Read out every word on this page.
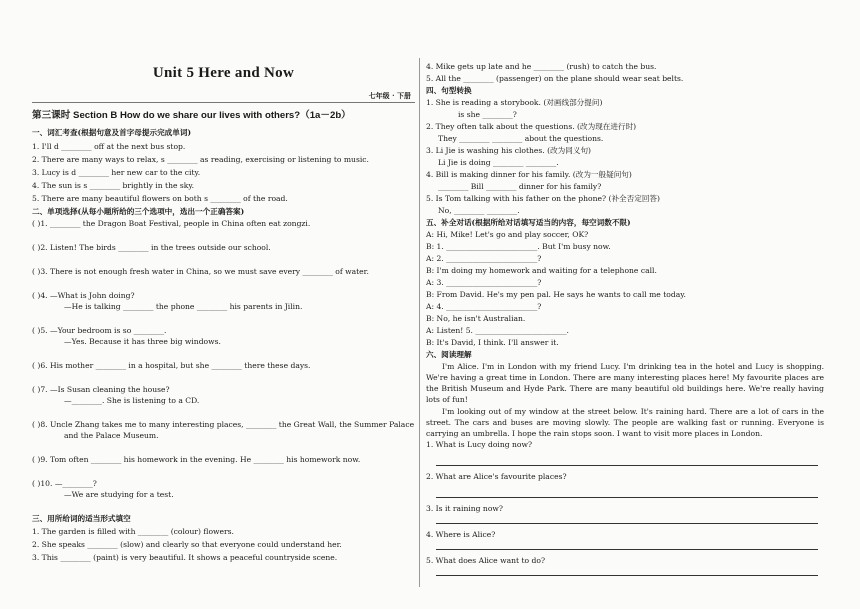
Unit 5 Here and Now
七年级 · 下册
第三课时 Section B How do we share our lives with others?（1a－2b）
一、词汇考查(根据句意及首字母提示完成单词)
1. I'll d ________ off at the next bus stop.
2. There are many ways to relax, s ________ as reading, exercising or listening to music.
3. Lucy is d ________ her new car to the city.
4. The sun is s ________ brightly in the sky.
5. There are many beautiful flowers on both s ________ of the road.
二、单项选择(从每小题所给的三个选项中，选出一个正确答案)
( )1. ________ the Dragon Boat Festival, people in China often eat zongzi.
( )2. Listen! The birds ________ in the trees outside our school.
( )3. There is not enough fresh water in China, so we must save every ________ of water.
( )4. —What is John doing?
—He is talking ________ the phone ________ his parents in Jilin.
( )5. —Your bedroom is so ________.
—Yes. Because it has three big windows.
( )6. His mother ________ in a hospital, but she ________ there these days.
( )7. —Is Susan cleaning the house?
—________. She is listening to a CD.
( )8. Uncle Zhang takes me to many interesting places, ________ the Great Wall, the Summer Palace
and the Palace Museum.
( )9. Tom often ________ his homework in the evening. He ________ his homework now.
( )10. —________?
—We are studying for a test.
三、用所给词的适当形式填空
1. The garden is filled with ________ (colour) flowers.
2. She speaks ________ (slow) and clearly so that everyone could understand her.
3. This ________ (paint) is very beautiful. It shows a peaceful countryside scene.
4. Mike gets up late and he ________ (rush) to catch the bus.
5. All the ________ (passenger) on the plane should wear seat belts.
四、句型转换
1. She is reading a storybook. (对画线部分提问)
is she ________?
2. They often talk about the questions. (改为现在进行时)
They ________ ________ about the questions.
3. Li Jie is washing his clothes. (改为同义句)
Li Jie is doing ________ ________.
4. Bill is making dinner for his family. (改为一般疑问句)
________ Bill ________ dinner for his family?
5. Is Tom talking with his father on the phone? (补全否定回答)
No, ________ ________.
五、补全对话(根据所给对话填写适当的内容，每空词数不限)
A: Hi, Mike! Let's go and play soccer, OK?
B: 1. ________________________. But I'm busy now.
A: 2. ________________________?
B: I'm doing my homework and waiting for a telephone call.
A: 3. ________________________?
B: From David. He's my pen pal. He says he wants to call me today.
A: 4. ________________________?
B: No, he isn't Australian.
A: Listen! 5. ________________________.
B: It's David, I think. I'll answer it.
六、阅读理解
I'm Alice. I'm in London with my friend Lucy. I'm drinking tea in the hotel and Lucy is shopping. We're having a great time in London. There are many interesting places here! My favourite places are the British Museum and Hyde Park. There are many beautiful old buildings here. We're really having lots of fun!
I'm looking out of my window at the street below. It's raining hard. There are a lot of cars in the street. The cars and buses are moving slowly. The people are walking fast or running. Everyone is carrying an umbrella. I hope the rain stops soon. I want to visit more places in London.
1. What is Lucy doing now?
2. What are Alice's favourite places?
3. Is it raining now?
4. Where is Alice?
5. What does Alice want to do?
